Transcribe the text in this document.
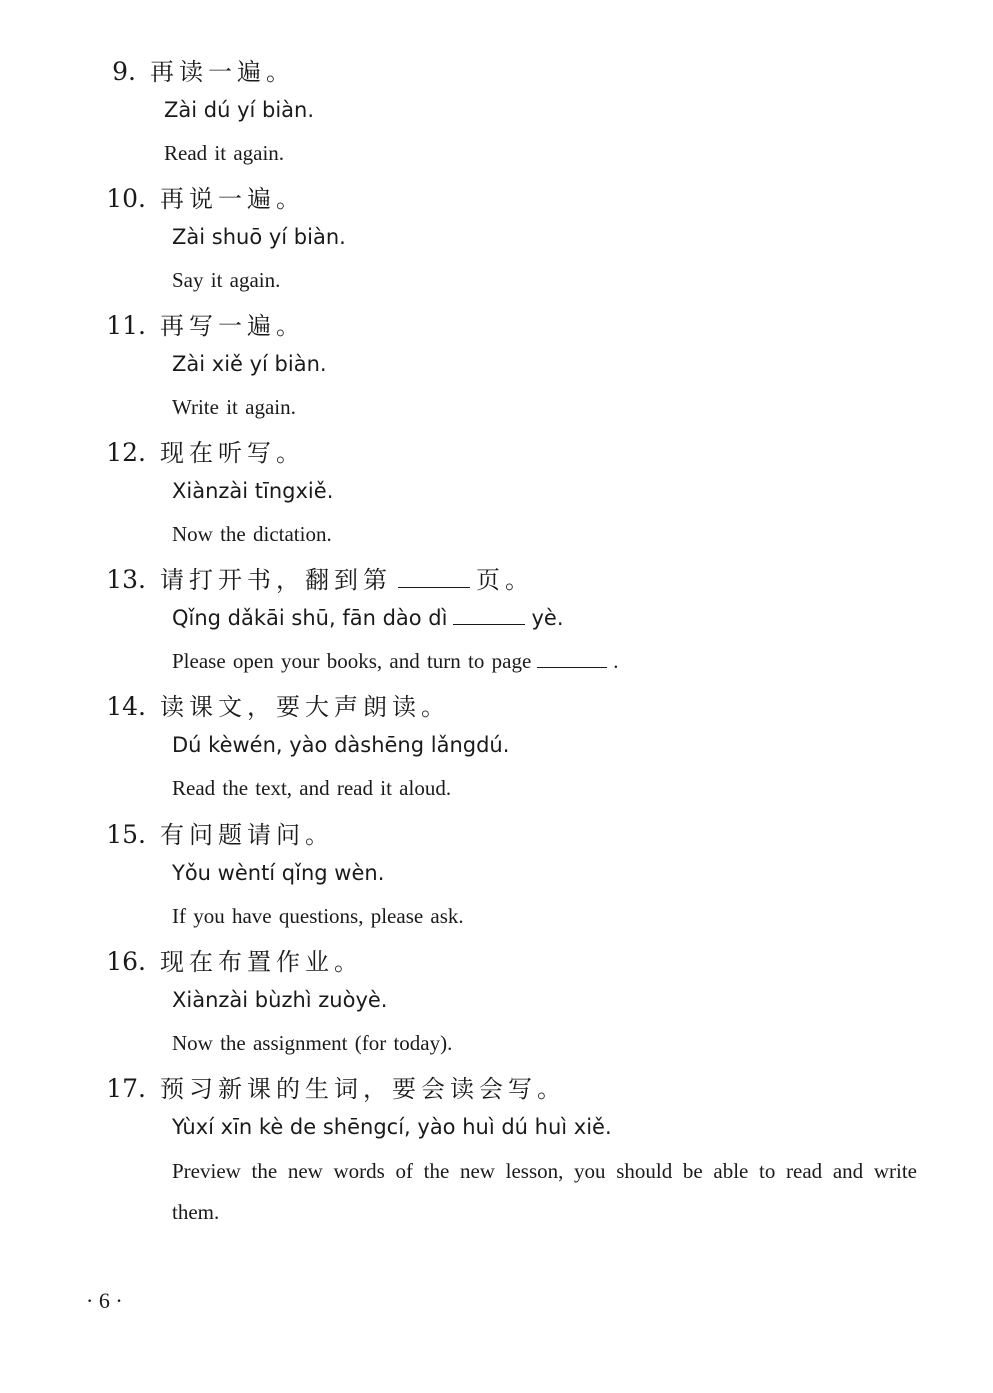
9. 再读一遍。
Zài dú yí biàn.
Read it again.
10. 再说一遍。
Zài shuō yí biàn.
Say it again.
11. 再写一遍。
Zài xiě yí biàn.
Write it again.
12. 现在听写。
Xiànzài tīngxiě.
Now the dictation.
13. 请打开书，翻到第	页。
Qǐng dǎkāi shū, fān dào dì	yè.
Please open your books, and turn to page	.
14. 读课文，要大声朗读。
Dú kèwén, yào dàshēng lǎngdú.
Read the text, and read it aloud.
15. 有问题请问。
Yǒu wèntí qǐng wèn.
If you have questions, please ask.
16. 现在布置作业。
Xiànzài bùzhì zuòyè.
Now the assignment (for today).
17. 预习新课的生词，要会读会写。
Yùxí xīn kè de shēngcí, yào huì dú huì xiě.
Preview the new words of the new lesson, you should be able to read and write them.
· 6 ·
